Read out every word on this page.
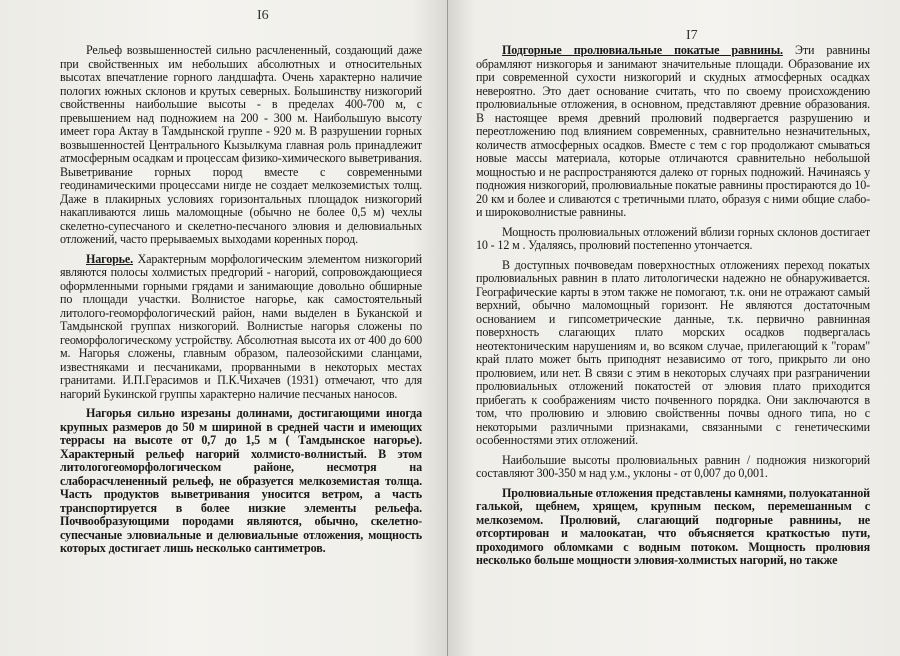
I6

Рельеф возвышенностей сильно расчлененный, создающий даже при свойственных им небольших абсолютных и относительных высотах впечатление горного ландшафта. Очень характерно наличие пологих южных склонов и крутых северных. Большинству низкогорий свойственны наибольшие высоты - в пределах 400-700 м, с превышением над подножием на 200 - 300 м. Наибольшую высоту имеет гора Актау в Тамдынской группе - 920 м. В разрушении горных возвышенностей Центрального Кызылкума главная роль принадлежит атмосферным осадкам и процессам физико-химического выветривания. Выветривание горных пород вместе с современными геодинамическими процессами нигде не создает мелкоземистых толщ. Даже в плакирных условиях горизонтальных площадок низкогорий накапливаются лишь маломощные (обычно не более 0,5 м) чехлы скелетно-супесчаного и скелетно-песчаного элювия и делювиальных отложений, часто прерываемых выходами коренных пород.

Нагорье. Характерным морфологическим элементом низкогорий являются полосы холмистых предгорий - нагорий, сопровождающиеся оформленными горными грядами и занимающие довольно обширные по площади участки. Волнистое нагорье, как самостоятельный литолого-геоморфологический район, нами выделен в Буканской и Тамдынской группах низкогорий. Волнистые нагорья сложены по геоморфологическому устройству. Абсолютная высота их от 400 до 600 м. Нагорья сложены, главным образом, палеозойскими сланцами, известняками и песчаниками, прорванными в некоторых местах гранитами. И.П.Герасимов и П.К.Чихачев (1931) отмечают, что для нагорий Букинской группы характерно наличие песчаных наносов.

Нагорья сильно изрезаны долинами, достигающими иногда крупных размеров до 50 м шириной в средней части и имеющих террасы на высоте от 0,7 до 1,5 м ( Тамдынское нагорье). Характерный рельеф нагорий холмисто-волнистый. В этом литологогеоморфологическом районе, несмотря на слаборасчлененный рельеф, не образуется мелкоземистая толща. Часть продуктов выветривания уносится ветром, а часть транспортируется в более низкие элементы рельефа. Почвообразующими породами являются, обычно, скелетно-супесчаные элювиальные и делювиальные отложения, мощность которых достигает лишь несколько сантиметров.

I7

Подгорные пролювиальные покатые равнины. Эти равнины обрамляют низкогорья и занимают значительные площади. Образование их при современной сухости низкогорий и скудных атмосферных осадках невероятно. Это дает основание считать, что по своему происхождению пролювиальные отложения, в основном, представляют древние образования. В настоящее время древний пролювий подвергается разрушению и переотложению под влиянием современных, сравнительно незначительных, количеств атмосферных осадков. Вместе с тем с гор продолжают смываться новые массы материала, которые отличаются сравнительно небольшой мощностью и не распространяются далеко от горных подножий. Начинаясь у подножия низкогорий, пролювиальные покатые равнины простираются до 10-20 км и более и сливаются с третичными плато, образуя с ними общие слабо- и широковолнистые равнины.

Мощность пролювиальных отложений вблизи горных склонов достигает 10 - 12 м . Удаляясь, пролювий постепенно утончается.

В доступных почвоведам поверхностных отложениях переход покатых пролювиальных равнин в плато литологически надежно не обнаруживается. Географические карты в этом также не помогают, т.к. они не отражают самый верхний, обычно маломощный горизонт. Не являются достаточным основанием и гипсометрические данные, т.к. первично равнинная поверхность слагающих плато морских осадков подвергалась неотектоническим нарушениям и, во всяком случае, прилегающий к "горам" край плато может быть приподнят независимо от того, прикрыто ли оно пролювием, или нет. В связи с этим в некоторых случаях при разграничении пролювиальных отложений покатостей от элювия плато приходится прибегать к соображениям чисто почвенного порядка. Они заключаются в том, что пролювию и элювию свойственны почвы одного типа, но с некоторыми различными признаками, связанными с генетическими особенностями этих отложений.

Наибольшие высоты пролювиальных равнин / подножия низкогорий составляют 300-350 м над у.м., уклоны - от 0,007 до 0,001.

Пролювиальные отложения представлены камнями, полуокатанной галькой, щебнем, хрящем, крупным песком, перемешанным с мелкоземом. Пролювий, слагающий подгорные равнины, не отсортирован и малоокатан, что объясняется краткостью пути, проходимого обломками с водным потоком. Мощность пролювия несколько больше мощности элювия-холмистых нагорий, но также
